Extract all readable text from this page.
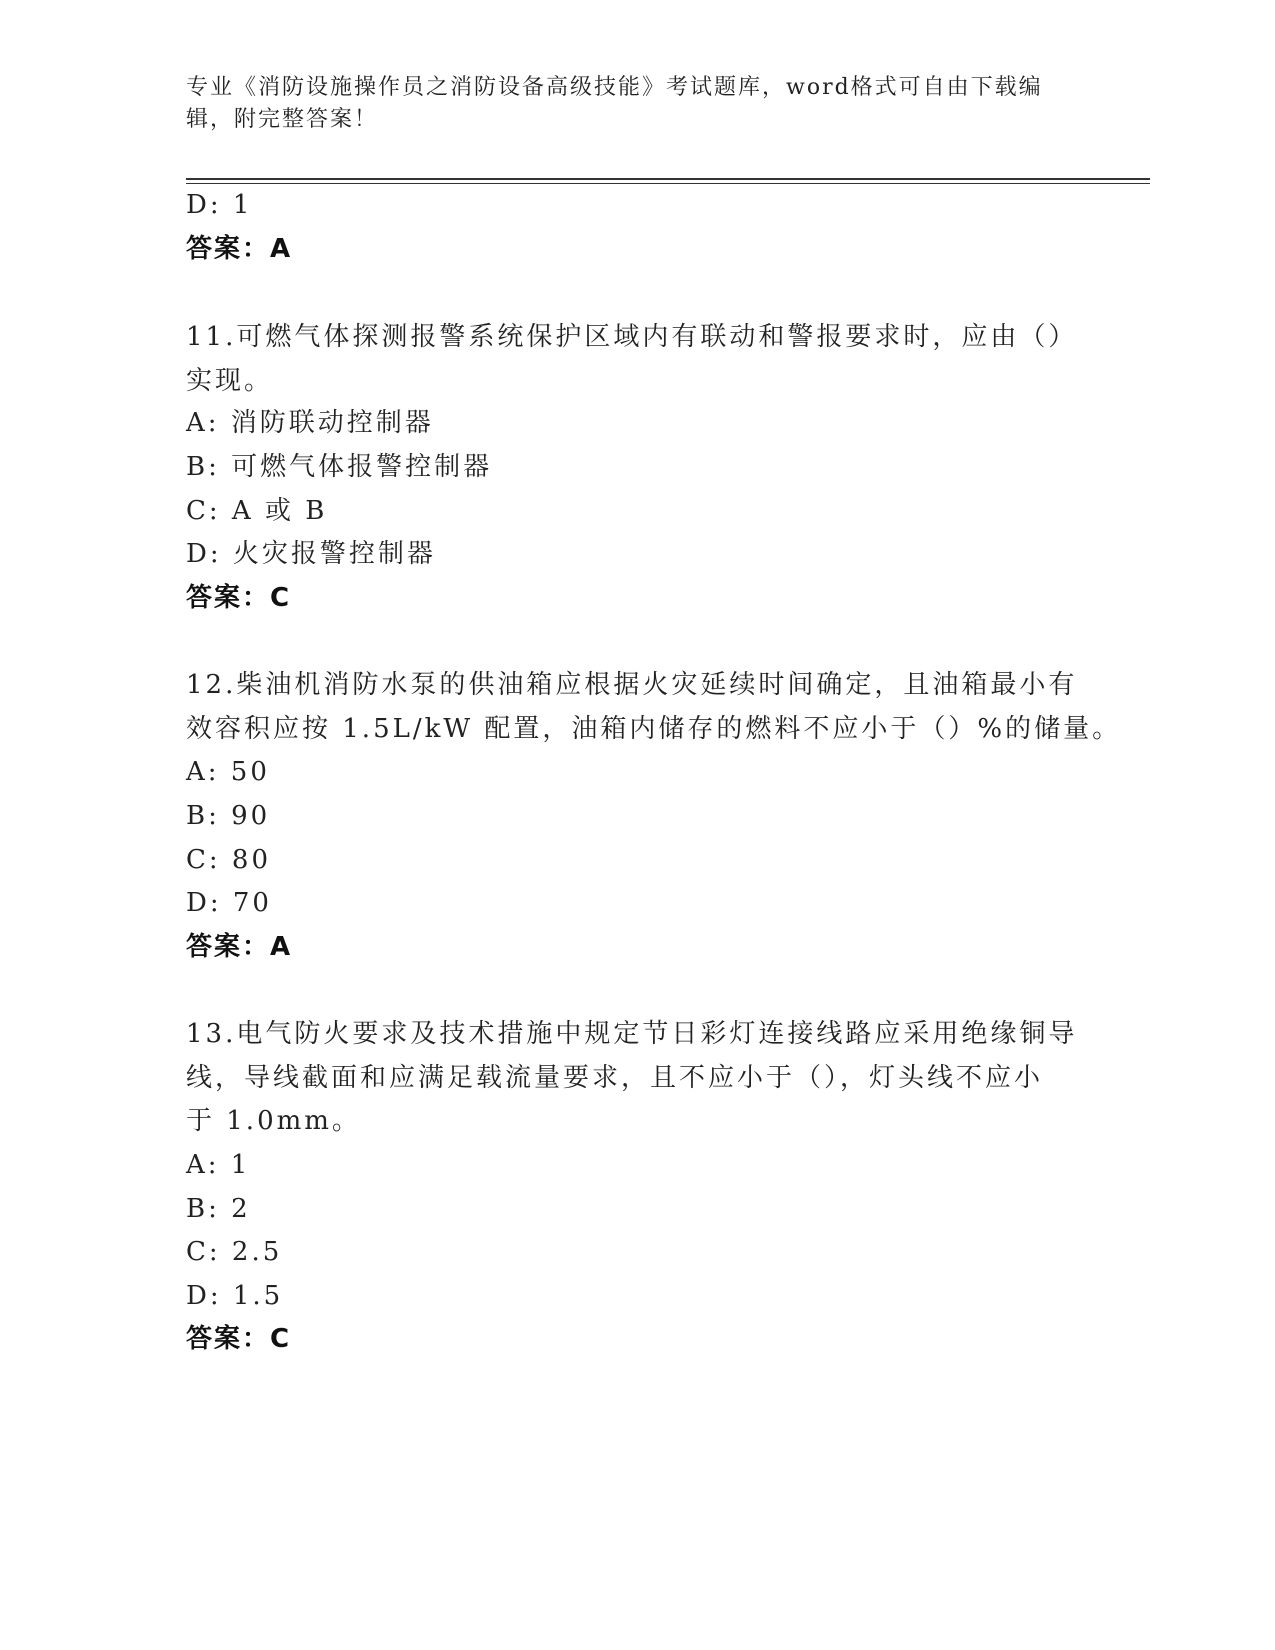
专业《消防设施操作员之消防设备高级技能》考试题库，word格式可自由下载编
辑，附完整答案！
D: 1
答案：A
11.可燃气体探测报警系统保护区域内有联动和警报要求时，应由（）
实现。
A: 消防联动控制器
B: 可燃气体报警控制器
C: A 或 B
D: 火灾报警控制器
答案：C
12.柴油机消防水泵的供油箱应根据火灾延续时间确定，且油箱最小有
效容积应按 1.5L/kW 配置，油箱内储存的燃料不应小于（）%的储量。
A: 50
B: 90
C: 80
D: 70
答案：A
13.电气防火要求及技术措施中规定节日彩灯连接线路应采用绝缘铜导
线，导线截面和应满足载流量要求，且不应小于（），灯头线不应小
于 1.0mm。
A: 1
B: 2
C: 2.5
D: 1.5
答案：C
